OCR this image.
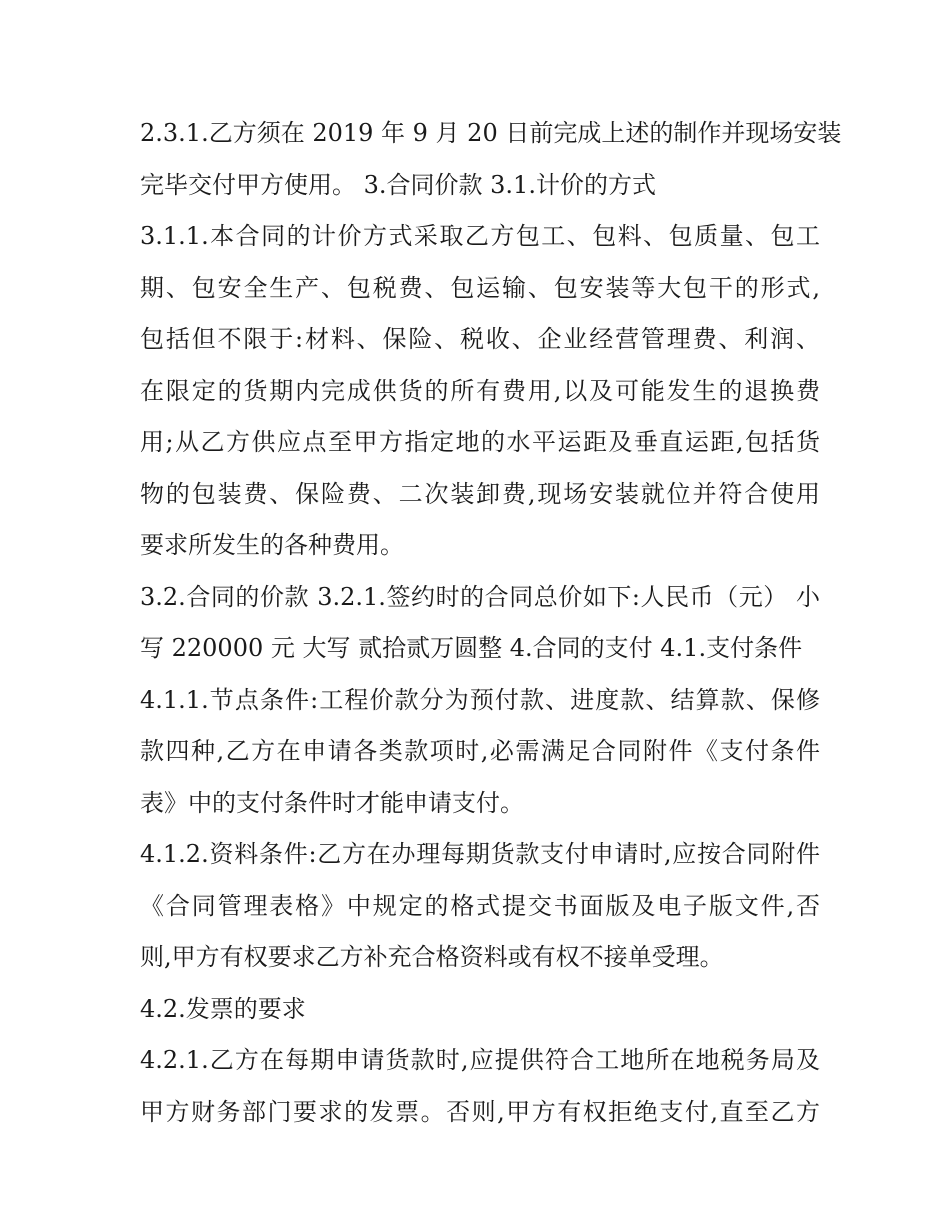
2.3.1.乙方须在 2019 年 9 月 20 日前完成上述的制作并现场安装
完毕交付甲方使用。 3.合同价款 3.1.计价的方式
3.1.1.本合同的计价方式采取乙方包工、包料、包质量、包工
期、包安全生产、包税费、包运输、包安装等大包干的形式,
包括但不限于:材料、保险、税收、企业经营管理费、利润、
在限定的货期内完成供货的所有费用,以及可能发生的退换费
用;从乙方供应点至甲方指定地的水平运距及垂直运距,包括货
物的包装费、保险费、二次装卸费,现场安装就位并符合使用
要求所发生的各种费用。
3.2.合同的价款 3.2.1.签约时的合同总价如下:人民币（元） 小
写 220000 元 大写 贰拾贰万圆整 4.合同的支付 4.1.支付条件
4.1.1.节点条件:工程价款分为预付款、进度款、结算款、保修
款四种,乙方在申请各类款项时,必需满足合同附件《支付条件
表》中的支付条件时才能申请支付。
4.1.2.资料条件:乙方在办理每期货款支付申请时,应按合同附件
《合同管理表格》中规定的格式提交书面版及电子版文件,否
则,甲方有权要求乙方补充合格资料或有权不接单受理。
4.2.发票的要求
4.2.1.乙方在每期申请货款时,应提供符合工地所在地税务局及
甲方财务部门要求的发票。否则,甲方有权拒绝支付,直至乙方
